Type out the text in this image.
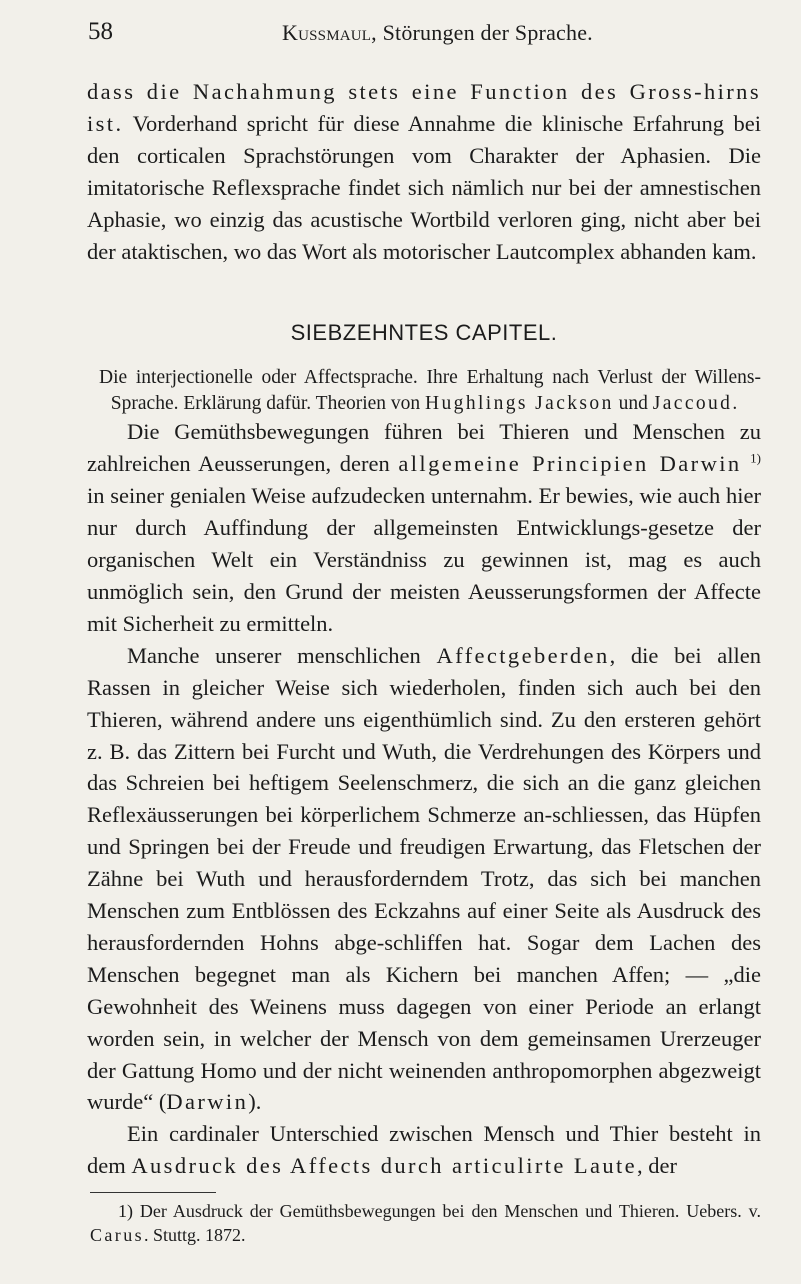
58	Kussmaul, Störungen der Sprache.

dass die Nachahmung stets eine Function des Gross-hirns ist. Vorderhand spricht für diese Annahme die klinische Erfahrung bei den corticalen Sprachstörungen vom Charakter der Aphasien. Die imitatorische Reflexsprache findet sich nämlich nur bei der amnestischen Aphasie, wo einzig das acustische Wortbild verloren ging, nicht aber bei der ataktischen, wo das Wort als motorischer Lautcomplex abhanden kam.

SIEBZEHNTES CAPITEL.

Die interjectionelle oder Affectsprache. Ihre Erhaltung nach Verlust der Willens-Sprache. Erklärung dafür. Theorien von Hughlings Jackson und Jaccoud.

Die Gemüthsbewegungen führen bei Thieren und Menschen zu zahlreichen Aeusserungen, deren allgemeine Principien Darwin $^{1)}$ in seiner genialen Weise aufzudecken unternahm. Er bewies, wie auch hier nur durch Auffindung der allgemeinsten Entwicklungs-gesetze der organischen Welt ein Verständniss zu gewinnen ist, mag es auch unmöglich sein, den Grund der meisten Aeusserungsformen der Affecte mit Sicherheit zu ermitteln.

Manche unserer menschlichen Affectgeberden, die bei allen Rassen in gleicher Weise sich wiederholen, finden sich auch bei den Thieren, während andere uns eigenthümlich sind. Zu den ersteren gehört z. B. das Zittern bei Furcht und Wuth, die Verdrehungen des Körpers und das Schreien bei heftigem Seelenschmerz, die sich an die ganz gleichen Reflexäusserungen bei körperlichem Schmerze an-schliessen, das Hüpfen und Springen bei der Freude und freudigen Erwartung, das Fletschen der Zähne bei Wuth und herausforderndem Trotz, das sich bei manchen Menschen zum Entblössen des Eckzahns auf einer Seite als Ausdruck des herausfordernden Hohns abge-schliffen hat. Sogar dem Lachen des Menschen begegnet man als Kichern bei manchen Affen; — „die Gewohnheit des Weinens muss dagegen von einer Periode an erlangt worden sein, in welcher der Mensch von dem gemeinsamen Urerzeuger der Gattung Homo und der nicht weinenden anthropomorphen abgezweigt wurde“ (Darwin).

Ein cardinaler Unterschied zwischen Mensch und Thier besteht in dem Ausdruck des Affects durch articulirte Laute, der

1) Der Ausdruck der Gemüthsbewegungen bei den Menschen und Thieren. Uebers. v. Carus. Stuttg. 1872.
